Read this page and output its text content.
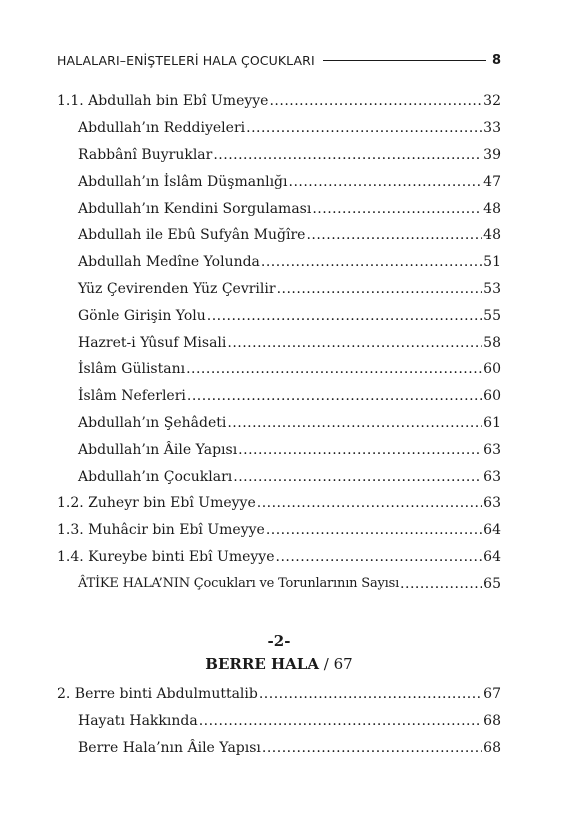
HALALARI–ENİŞTELERİ HALA ÇOCUKLARI	8
1.1. Abdullah bin Ebî Umeyye .....	32
Abdullah’ın Reddiyeleri .....	33
Rabbânî Buyruklar .....	39
Abdullah’ın İslâm Düşmanlığı .....	47
Abdullah’ın Kendini Sorgulaması .....	48
Abdullah ile Ebû Sufyân Muğîre .....	48
Abdullah Medîne Yolunda .....	51
Yüz Çevirenden Yüz Çevrilir .....	53
Gönle Girişin Yolu .....	55
Hazret-i Yûsuf Misali .....	58
İslâm Gülistanı .....	60
İslâm Neferleri .....	60
Abdullah’ın Şehâdeti .....	61
Abdullah’ın Âile Yapısı .....	63
Abdullah’ın Çocukları .....	63
1.2. Zuheyr bin Ebî Umeyye .....	63
1.3. Muhâcir bin Ebî Umeyye .....	64
1.4. Kureybe binti Ebî Umeyye .....	64
ÂTİKE HALA’NIN Çocukları ve Torunlarının Sayısı .....	65
-2-
BERRE HALA / 67
2. Berre binti Abdulmuttalib .....	67
Hayatı Hakkında .....	68
Berre Hala’nın Âile Yapısı .....	68
